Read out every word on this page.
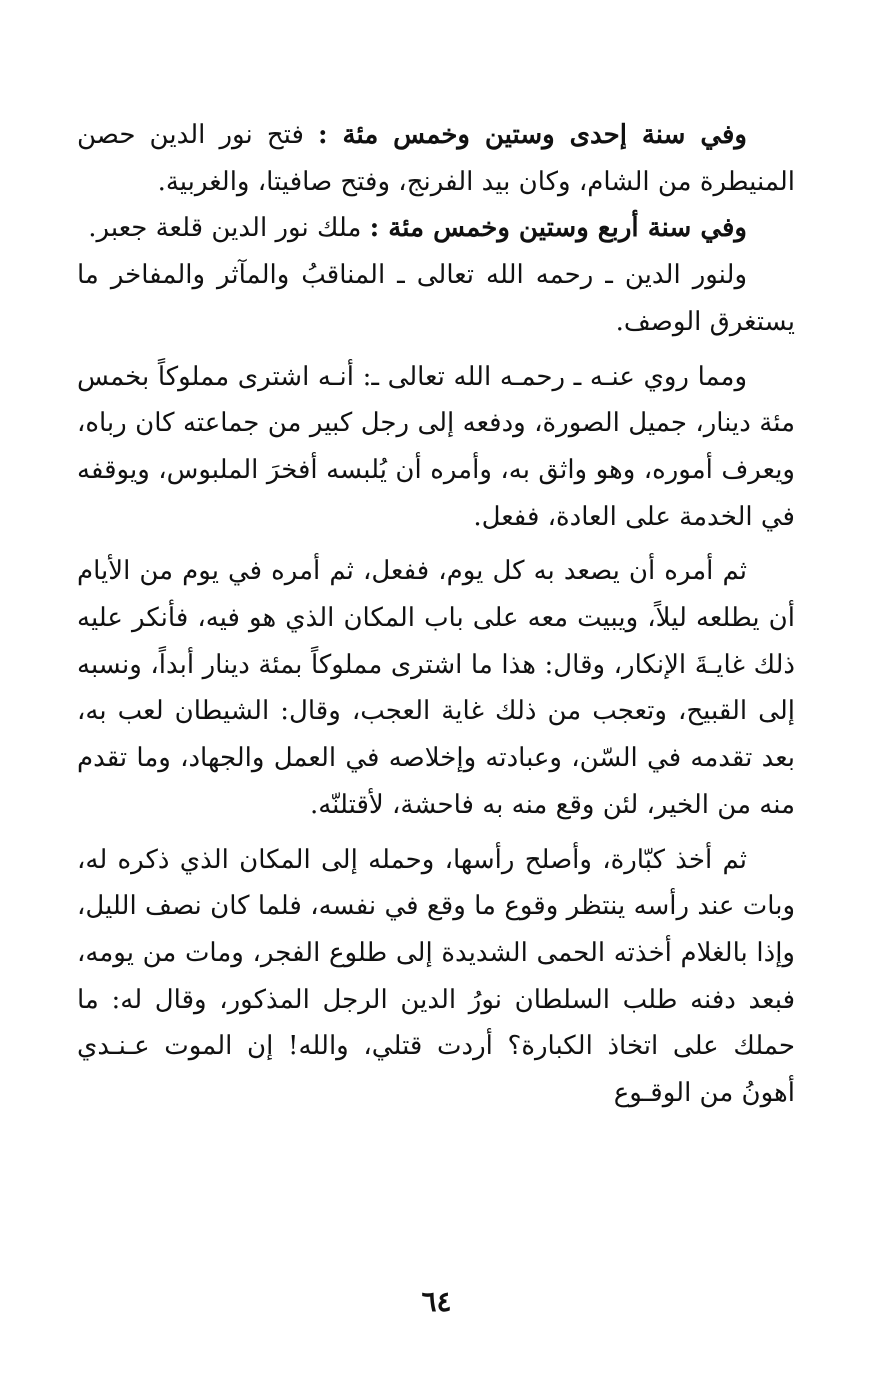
وفي سنة إحدى وستين وخمس مئة : فتح نور الدين حصن المنيطرة من الشام، وكان بيد الفرنج، وفتح صافيتا، والغربية.

وفي سنة أربع وستين وخمس مئة : ملك نور الدين قلعة جعبر.

ولنور الدين ـ رحمه الله تعالى ـ المناقبُ والمآثر والمفاخر ما يستغرق الوصف.

ومما روي عنـه ـ رحمـه الله تعالى ـ: أنـه اشترى مملوكاً بخمس مئة دينار، جميل الصورة، ودفعه إلى رجل كبير من جماعته كان رباه، ويعرف أموره، وهو واثق به، وأمره أن يُلبسه أفخرَ الملبوس، ويوقفه في الخدمة على العادة، ففعل.

ثم أمره أن يصعد به كل يوم، ففعل، ثم أمره في يوم من الأيام أن يطلعه ليلاً، ويبيت معه على باب المكان الذي هو فيه، فأنكر عليه ذلك غايـةَ الإنكار، وقال: هذا ما اشترى مملوكاً بمئة دينار أبداً، ونسبه إلى القبيح، وتعجب من ذلك غاية العجب، وقال: الشيطان لعب به، بعد تقدمه في السّن، وعبادته وإخلاصه في العمل والجهاد، وما تقدم منه من الخير، لئن وقع منه به فاحشة، لأقتلنّه.

ثم أخذ كبّارة، وأصلح رأسها، وحمله إلى المكان الذي ذكره له، وبات عند رأسه ينتظر وقوع ما وقع في نفسه، فلما كان نصف الليل، وإذا بالغلام أخذته الحمى الشديدة إلى طلوع الفجر، ومات من يومه، فبعد دفنه طلب السلطان نورُ الدين الرجل المذكور، وقال له: ما حملك على اتخاذ الكبارة؟ أردت قتلي، والله! إن الموت عـنـدي أهونُ من الوقـوع

٦٤
